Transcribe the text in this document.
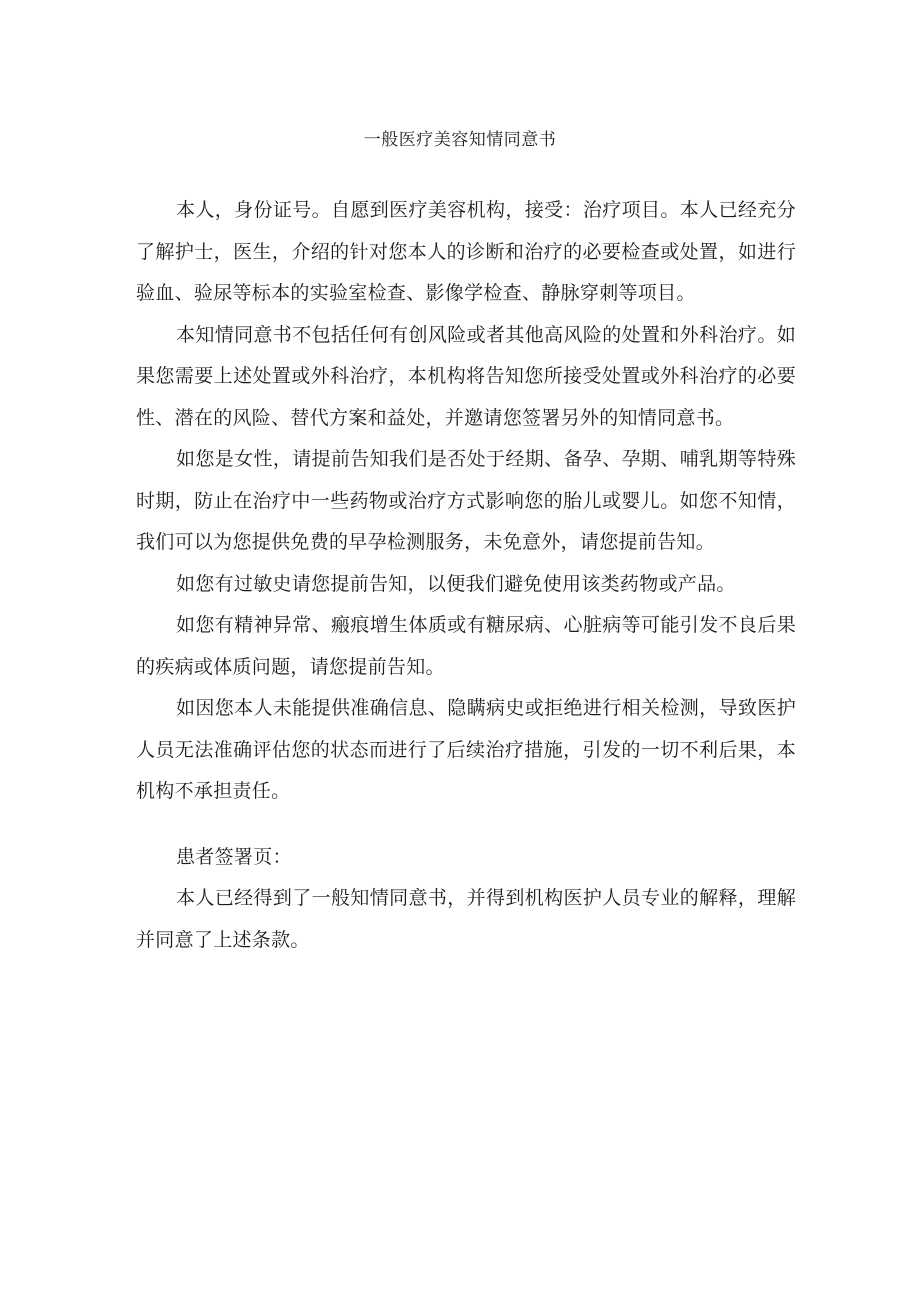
一般医疗美容知情同意书

本人，身份证号。自愿到医疗美容机构，接受：治疗项目。本人已经充分了解护士，医生，介绍的针对您本人的诊断和治疗的必要检查或处置，如进行验血、验尿等标本的实验室检查、影像学检查、静脉穿刺等项目。

本知情同意书不包括任何有创风险或者其他高风险的处置和外科治疗。如果您需要上述处置或外科治疗，本机构将告知您所接受处置或外科治疗的必要性、潜在的风险、替代方案和益处，并邀请您签署另外的知情同意书。

如您是女性，请提前告知我们是否处于经期、备孕、孕期、哺乳期等特殊时期，防止在治疗中一些药物或治疗方式影响您的胎儿或婴儿。如您不知情，我们可以为您提供免费的早孕检测服务，未免意外，请您提前告知。

如您有过敏史请您提前告知，以便我们避免使用该类药物或产品。

如您有精神异常、瘢痕增生体质或有糖尿病、心脏病等可能引发不良后果的疾病或体质问题，请您提前告知。

如因您本人未能提供准确信息、隐瞒病史或拒绝进行相关检测，导致医护人员无法准确评估您的状态而进行了后续治疗措施，引发的一切不利后果，本机构不承担责任。

患者签署页：

本人已经得到了一般知情同意书，并得到机构医护人员专业的解释，理解并同意了上述条款。
